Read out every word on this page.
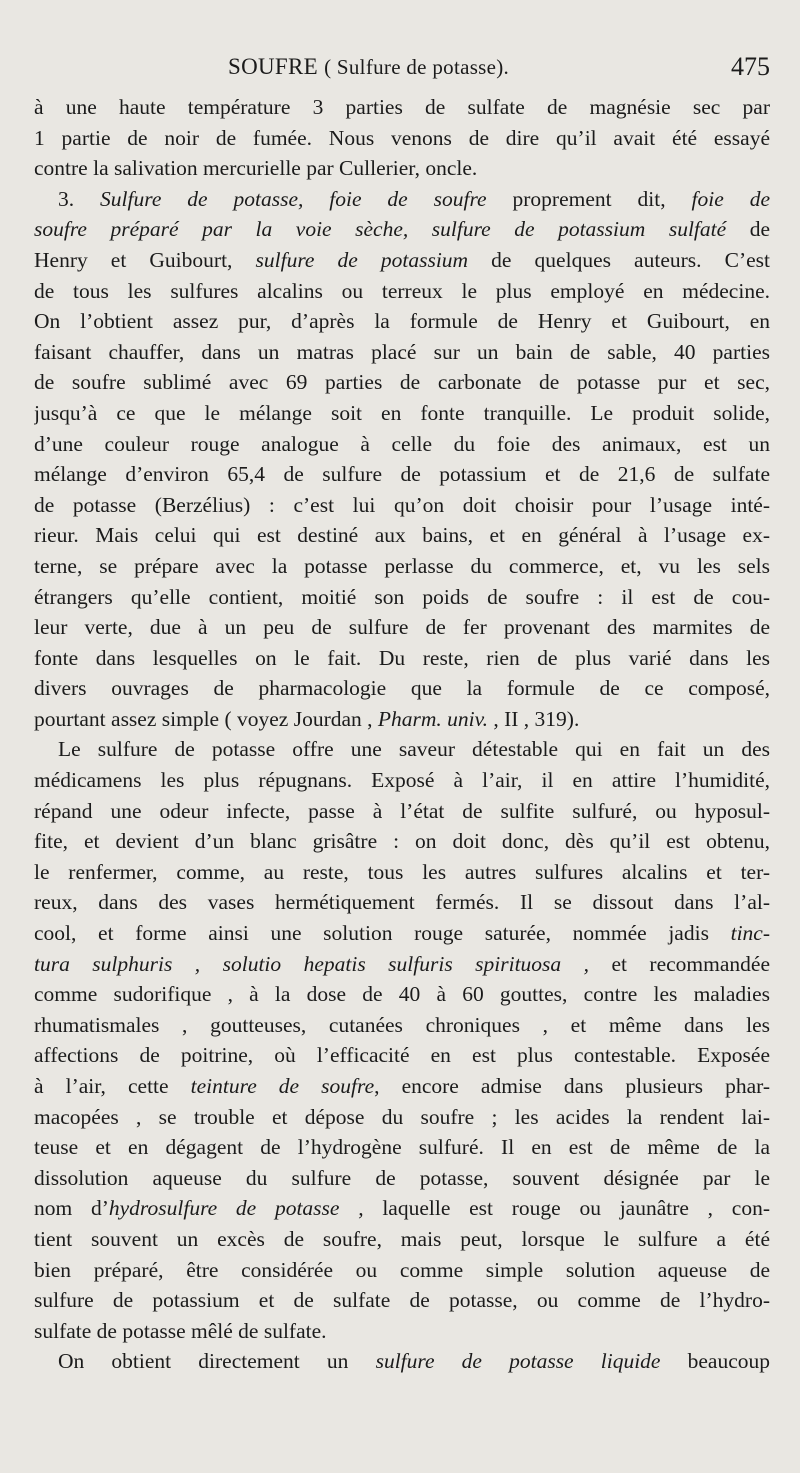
SOUFRE ( Sulfure de potasse).	475
à une haute température 3 parties de sulfate de magnésie sec par
1 partie de noir de fumée. Nous venons de dire qu’il avait été essayé
contre la salivation mercurielle par Cullerier, oncle.
3. Sulfure de potasse, foie de soufre proprement dit, foie de
soufre préparé par la voie sèche, sulfure de potassium sulfaté de
Henry et Guibourt, sulfure de potassium de quelques auteurs. C’est
de tous les sulfures alcalins ou terreux le plus employé en médecine.
On l’obtient assez pur, d’après la formule de Henry et Guibourt, en
faisant chauffer, dans un matras placé sur un bain de sable, 40 parties
de soufre sublimé avec 69 parties de carbonate de potasse pur et sec,
jusqu’à ce que le mélange soit en fonte tranquille. Le produit solide,
d’une couleur rouge analogue à celle du foie des animaux, est un
mélange d’environ 65,4 de sulfure de potassium et de 21,6 de sulfate
de potasse (Berzélius) : c’est lui qu’on doit choisir pour l’usage inté-
rieur. Mais celui qui est destiné aux bains, et en général à l’usage ex-
terne, se prépare avec la potasse perlasse du commerce, et, vu les sels
étrangers qu’elle contient, moitié son poids de soufre : il est de cou-
leur verte, due à un peu de sulfure de fer provenant des marmites de
fonte dans lesquelles on le fait. Du reste, rien de plus varié dans les
divers ouvrages de pharmacologie que la formule de ce composé,
pourtant assez simple ( voyez Jourdan , Pharm. univ. , II , 319).
Le sulfure de potasse offre une saveur détestable qui en fait un des
médicamens les plus répugnans. Exposé à l’air, il en attire l’humidité,
répand une odeur infecte, passe à l’état de sulfite sulfuré, ou hyposul-
fite, et devient d’un blanc grisâtre : on doit donc, dès qu’il est obtenu,
le renfermer, comme, au reste, tous les autres sulfures alcalins et ter-
reux, dans des vases hermétiquement fermés. Il se dissout dans l’al-
cool, et forme ainsi une solution rouge saturée, nommée jadis tinc-
tura sulphuris , solutio hepatis sulfuris spirituosa , et recommandée
comme sudorifique , à la dose de 40 à 60 gouttes, contre les maladies
rhumatismales , goutteuses, cutanées chroniques , et même dans les
affections de poitrine, où l’efficacité en est plus contestable. Exposée
à l’air, cette teinture de soufre, encore admise dans plusieurs phar-
macopées , se trouble et dépose du soufre ; les acides la rendent lai-
teuse et en dégagent de l’hydrogène sulfuré. Il en est de même de la
dissolution aqueuse du sulfure de potasse, souvent désignée par le
nom d’hydrosulfure de potasse , laquelle est rouge ou jaunâtre , con-
tient souvent un excès de soufre, mais peut, lorsque le sulfure a été
bien préparé, être considérée ou comme simple solution aqueuse de
sulfure de potassium et de sulfate de potasse, ou comme de l’hydro-
sulfate de potasse mêlé de sulfate.
On obtient directement un sulfure de potasse liquide beaucoup
